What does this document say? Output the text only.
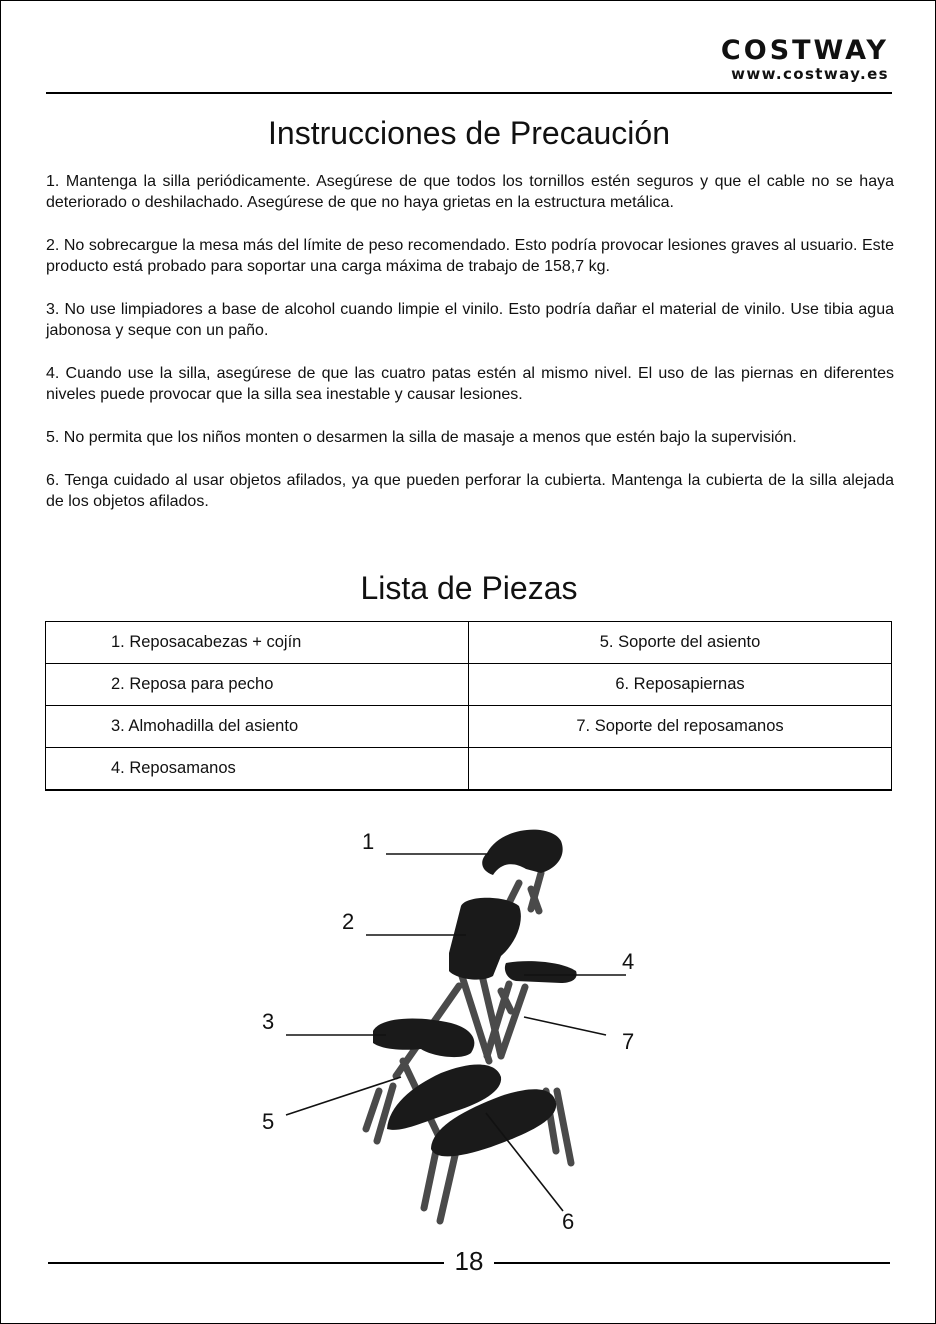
COSTWAY
www.costway.es
Instrucciones de Precaución

1. Mantenga la silla periódicamente. Asegúrese de que todos los tornillos estén seguros y que el cable no se haya deteriorado o deshilachado. Asegúrese de que no haya grietas en la estructura metálica.

2. No sobrecargue la mesa más del límite de peso recomendado. Esto podría provocar lesiones graves al usuario. Este producto está probado para soportar una carga máxima de trabajo de 158,7 kg.

3. No use limpiadores a base de alcohol cuando limpie el vinilo. Esto podría dañar el material de vinilo. Use tibia agua jabonosa y seque con un paño.

4. Cuando use la silla, asegúrese de que las cuatro patas estén al mismo nivel. El uso de las piernas en diferentes niveles puede provocar que la silla sea inestable y causar lesiones.

5. No permita que los niños monten o desarmen la silla de masaje a menos que estén bajo la supervisión.

6. Tenga cuidado al usar objetos afilados, ya que pueden perforar la cubierta. Mantenga la cubierta de la silla alejada de los objetos afilados.

Lista de Piezas
1. Reposacabezas + cojín	5. Soporte del asiento
2. Reposa para pecho	6. Reposapiernas
3. Almohadilla del asiento	7. Soporte del reposamanos
4. Reposamanos	
1
2
3
4
5
6
7
18
